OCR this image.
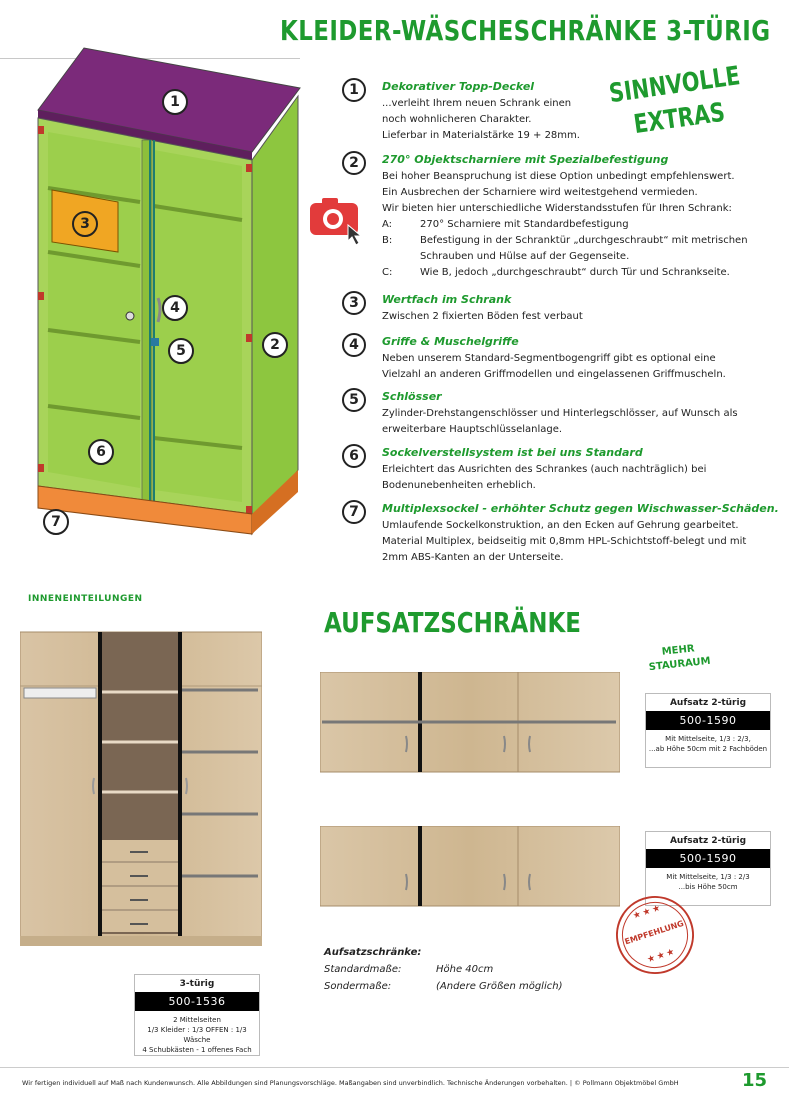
KLEIDER-WÄSCHESCHRÄNKE 3-TÜRIG
1
2
3
4
5
6
7
SINNVOLLE
EXTRAS
1	Dekorativer Topp-Deckel
...verleiht Ihrem neuen Schrank einen
noch wohnlicheren Charakter.
Lieferbar in Materialstärke 19 + 28mm.
2	270° Objektscharniere mit Spezialbefestigung
Bei hoher Beanspruchung ist diese Option unbedingt empfehlenswert.
Ein Ausbrechen der Scharniere wird weitestgehend vermieden.
Wir bieten hier unterschiedliche Widerstandsstufen für Ihren Schrank:
A:	270° Scharniere mit Standardbefestigung
B:	Befestigung in der Schranktür „durchgeschraubt“ mit metrischen
Schrauben und Hülse auf der Gegenseite.
C:	Wie B, jedoch „durchgeschraubt“ durch Tür und Schrankseite.
3	Wertfach im Schrank
Zwischen 2 fixierten Böden fest verbaut
4	Griffe & Muschelgriffe
Neben unserem Standard-Segmentbogengriff gibt es optional eine
Vielzahl an anderen Griffmodellen und eingelassenen Griffmuscheln.
5	Schlösser
Zylinder-Drehstangenschlösser und Hinterlegschlösser, auf Wunsch als
erweiterbare Hauptschlüsselanlage.
6	Sockelverstellsystem ist bei uns Standard
Erleichtert das Ausrichten des Schrankes (auch nachträglich) bei
Bodenunebenheiten erheblich.
7	Multiplexsockel - erhöhter Schutz gegen Wischwasser-Schäden.
Umlaufende Sockelkonstruktion, an den Ecken auf Gehrung gearbeitet.
Material Multiplex, beidseitig mit 0,8mm HPL-Schichtstoff-belegt und mit
2mm ABS-Kanten an der Unterseite.
INNENEINTEILUNGEN
AUFSATZSCHRÄNKE
MEHR
STAURAUM
3-türig
500-1536
2 Mittelseiten
1/3 Kleider : 1/3 OFFEN : 1/3 Wäsche
4 Schubkästen - 1 offenes Fach
Aufsatz 2-türig
500-1590
Mit Mittelseite, 1/3 : 2/3,
...ab Höhe 50cm mit 2 Fachböden
Aufsatz 2-türig
500-1590
Mit Mittelseite, 1/3 : 2/3
...bis Höhe 50cm
★★★
EMPFEHLUNG
★★★
Aufsatzschränke:
Standardmaße:	Höhe 40cm
Sondermaße:	(Andere Größen möglich)
Wir fertigen individuell auf Maß nach Kundenwunsch. Alle Abbildungen sind Planungsvorschläge. Maßangaben sind unverbindlich. Technische Änderungen vorbehalten. | © Pollmann Objektmöbel GmbH	15
